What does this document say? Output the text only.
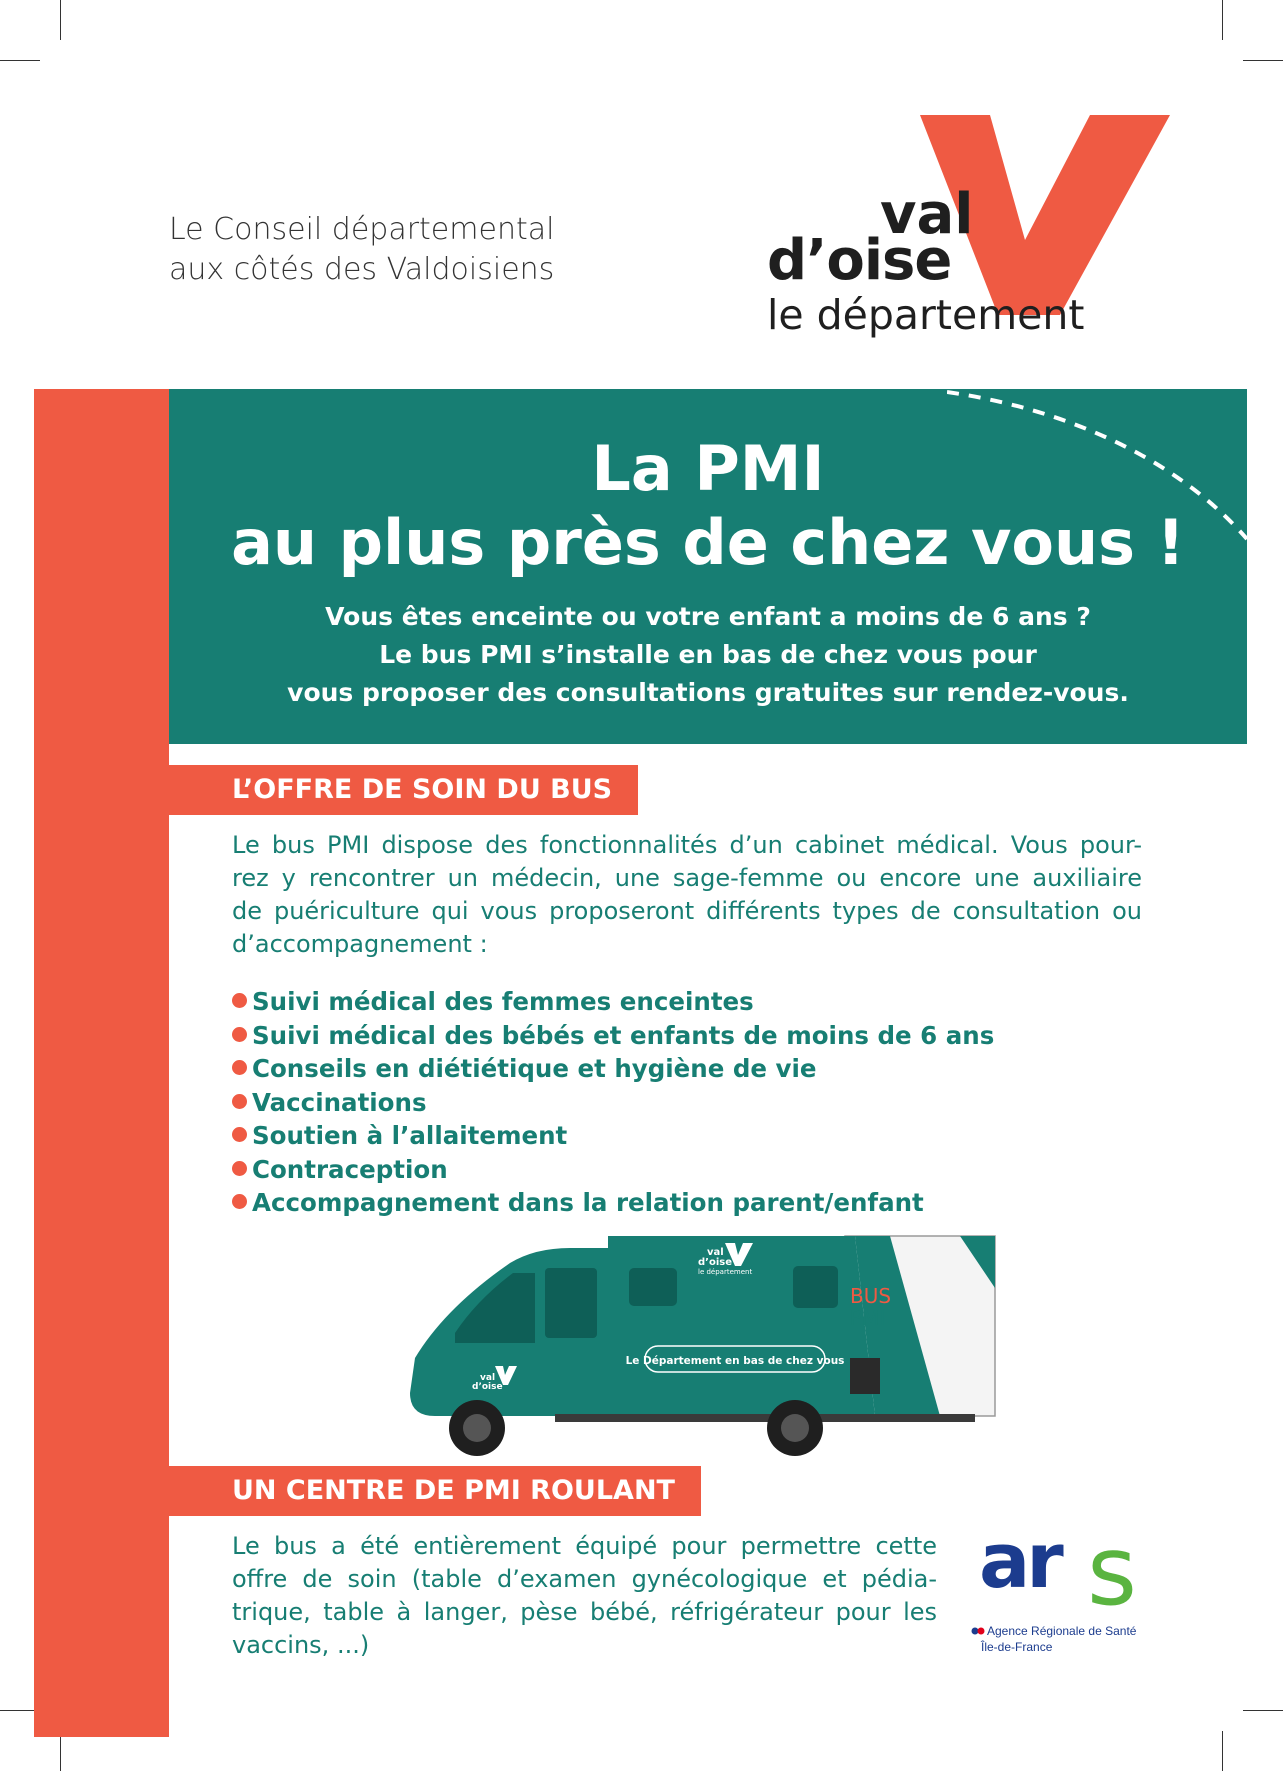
Le Conseil départemental
aux côtés des Valdoisiens
val
d’oise
le département
La PMI
au plus près de chez vous !
Vous êtes enceinte ou votre enfant a moins de 6 ans ?
Le bus PMI s’installe en bas de chez vous pour
vous proposer des consultations gratuites sur rendez-vous.
L’OFFRE DE SOIN DU BUS
Le bus PMI dispose des fonctionnalités d’un cabinet médical. Vous pour-
rez y rencontrer un médecin, une sage-femme ou encore une auxiliaire
de puériculture qui vous proposeront différents types de consultation ou
d’accompagnement :
Suivi médical des femmes enceintes
Suivi médical des bébés et enfants de moins de 6 ans
Conseils en diétiétique et hygiène de vie
Vaccinations
Soutien à l’allaitement
Contraception
Accompagnement dans la relation parent/enfant
Le Département en bas de chez vous
val
d’oise
le département
val
d’oise
BUS
PMI
UN CENTRE DE PMI ROULANT
Le bus a été entièrement équipé pour permettre cette
offre de soin (table d’examen gynécologique et pédia-
trique, table à langer, pèse bébé, réfrigérateur pour les
vaccins, ...)
ar s
Agence Régionale de Santé
Île-de-France
